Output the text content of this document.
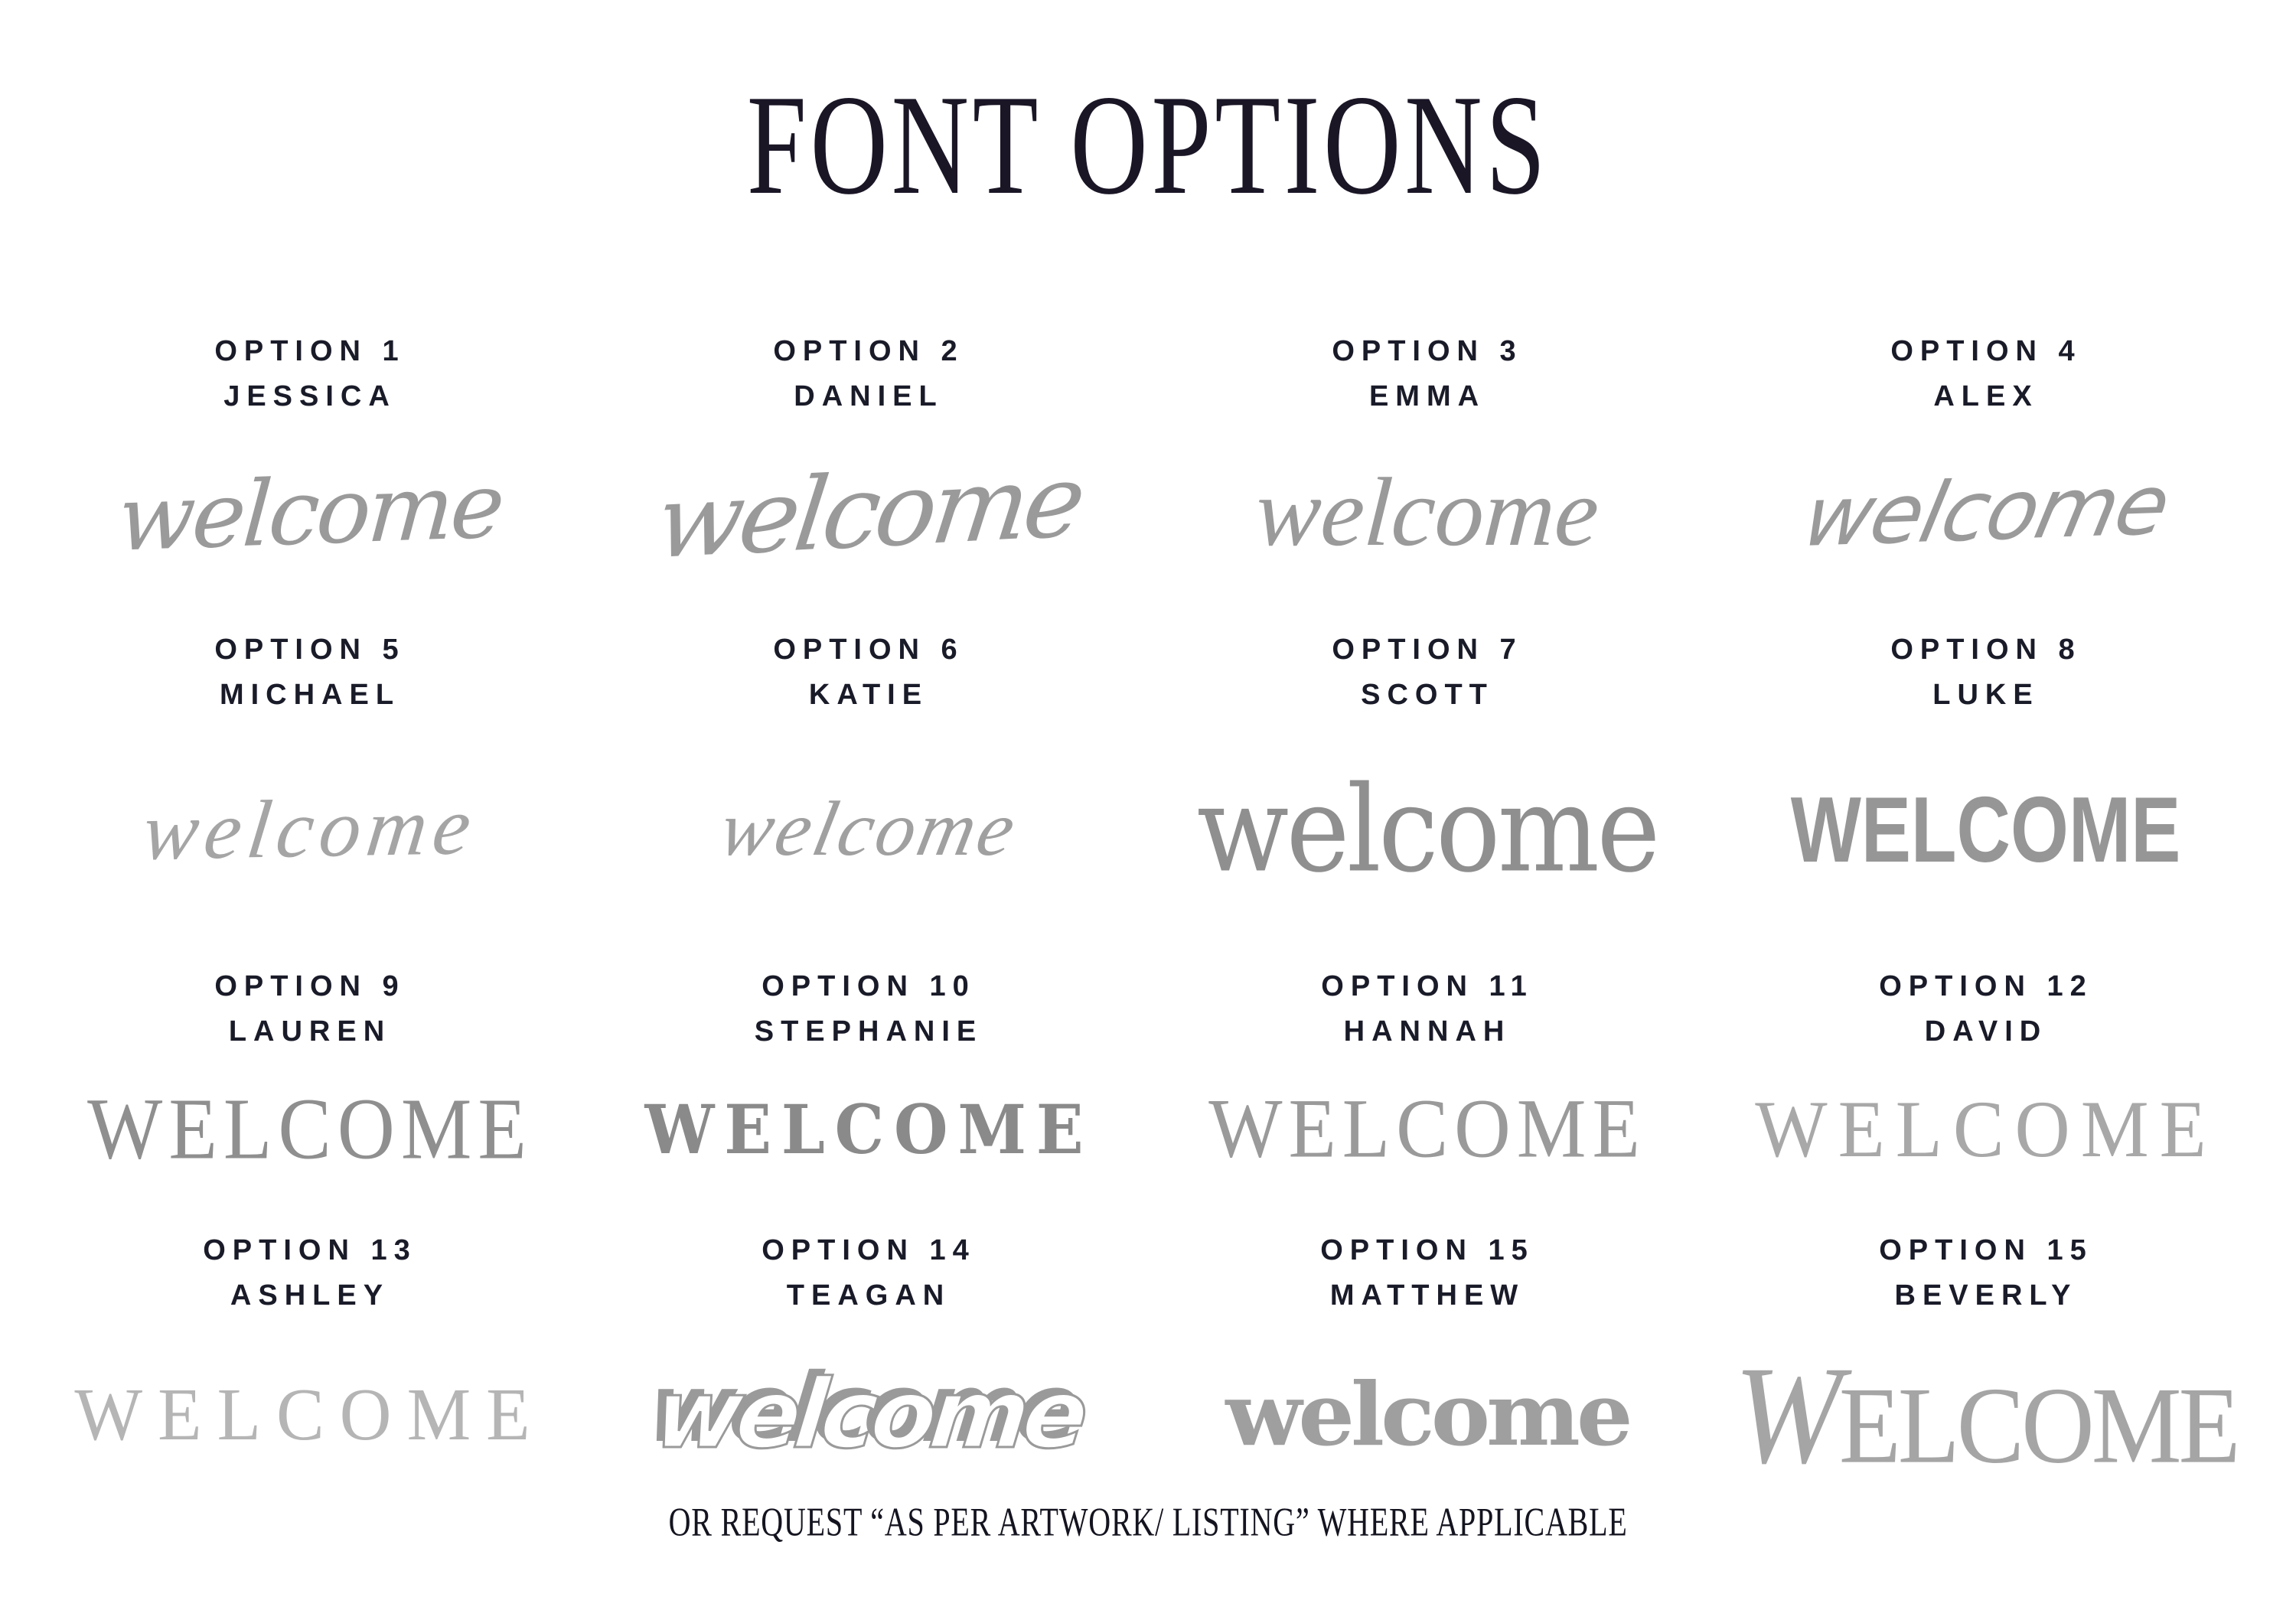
FONT OPTIONS
OPTION 1
JESSICA
welcome
OPTION 2
DANIEL
welcome
OPTION 3
EMMA
welcome
OPTION 4
ALEX
welcome
OPTION 5
MICHAEL
welcome
OPTION 6
KATIE
welcome
OPTION 7
SCOTT
welcome
OPTION 8
LUKE
WELCOME
OPTION 9
LAUREN
WELCOME
OPTION 10
STEPHANIE
WELCOME
OPTION 11
HANNAH
WELCOME
OPTION 12
DAVID
WELCOME
OPTION 13
ASHLEY
WELCOME
OPTION 14
TEAGAN
welcome
OPTION 15
MATTHEW
welcome
OPTION 15
BEVERLY
WELCOME
OR REQUEST “AS PER ARTWORK/ LISTING” WHERE APPLICABLE
